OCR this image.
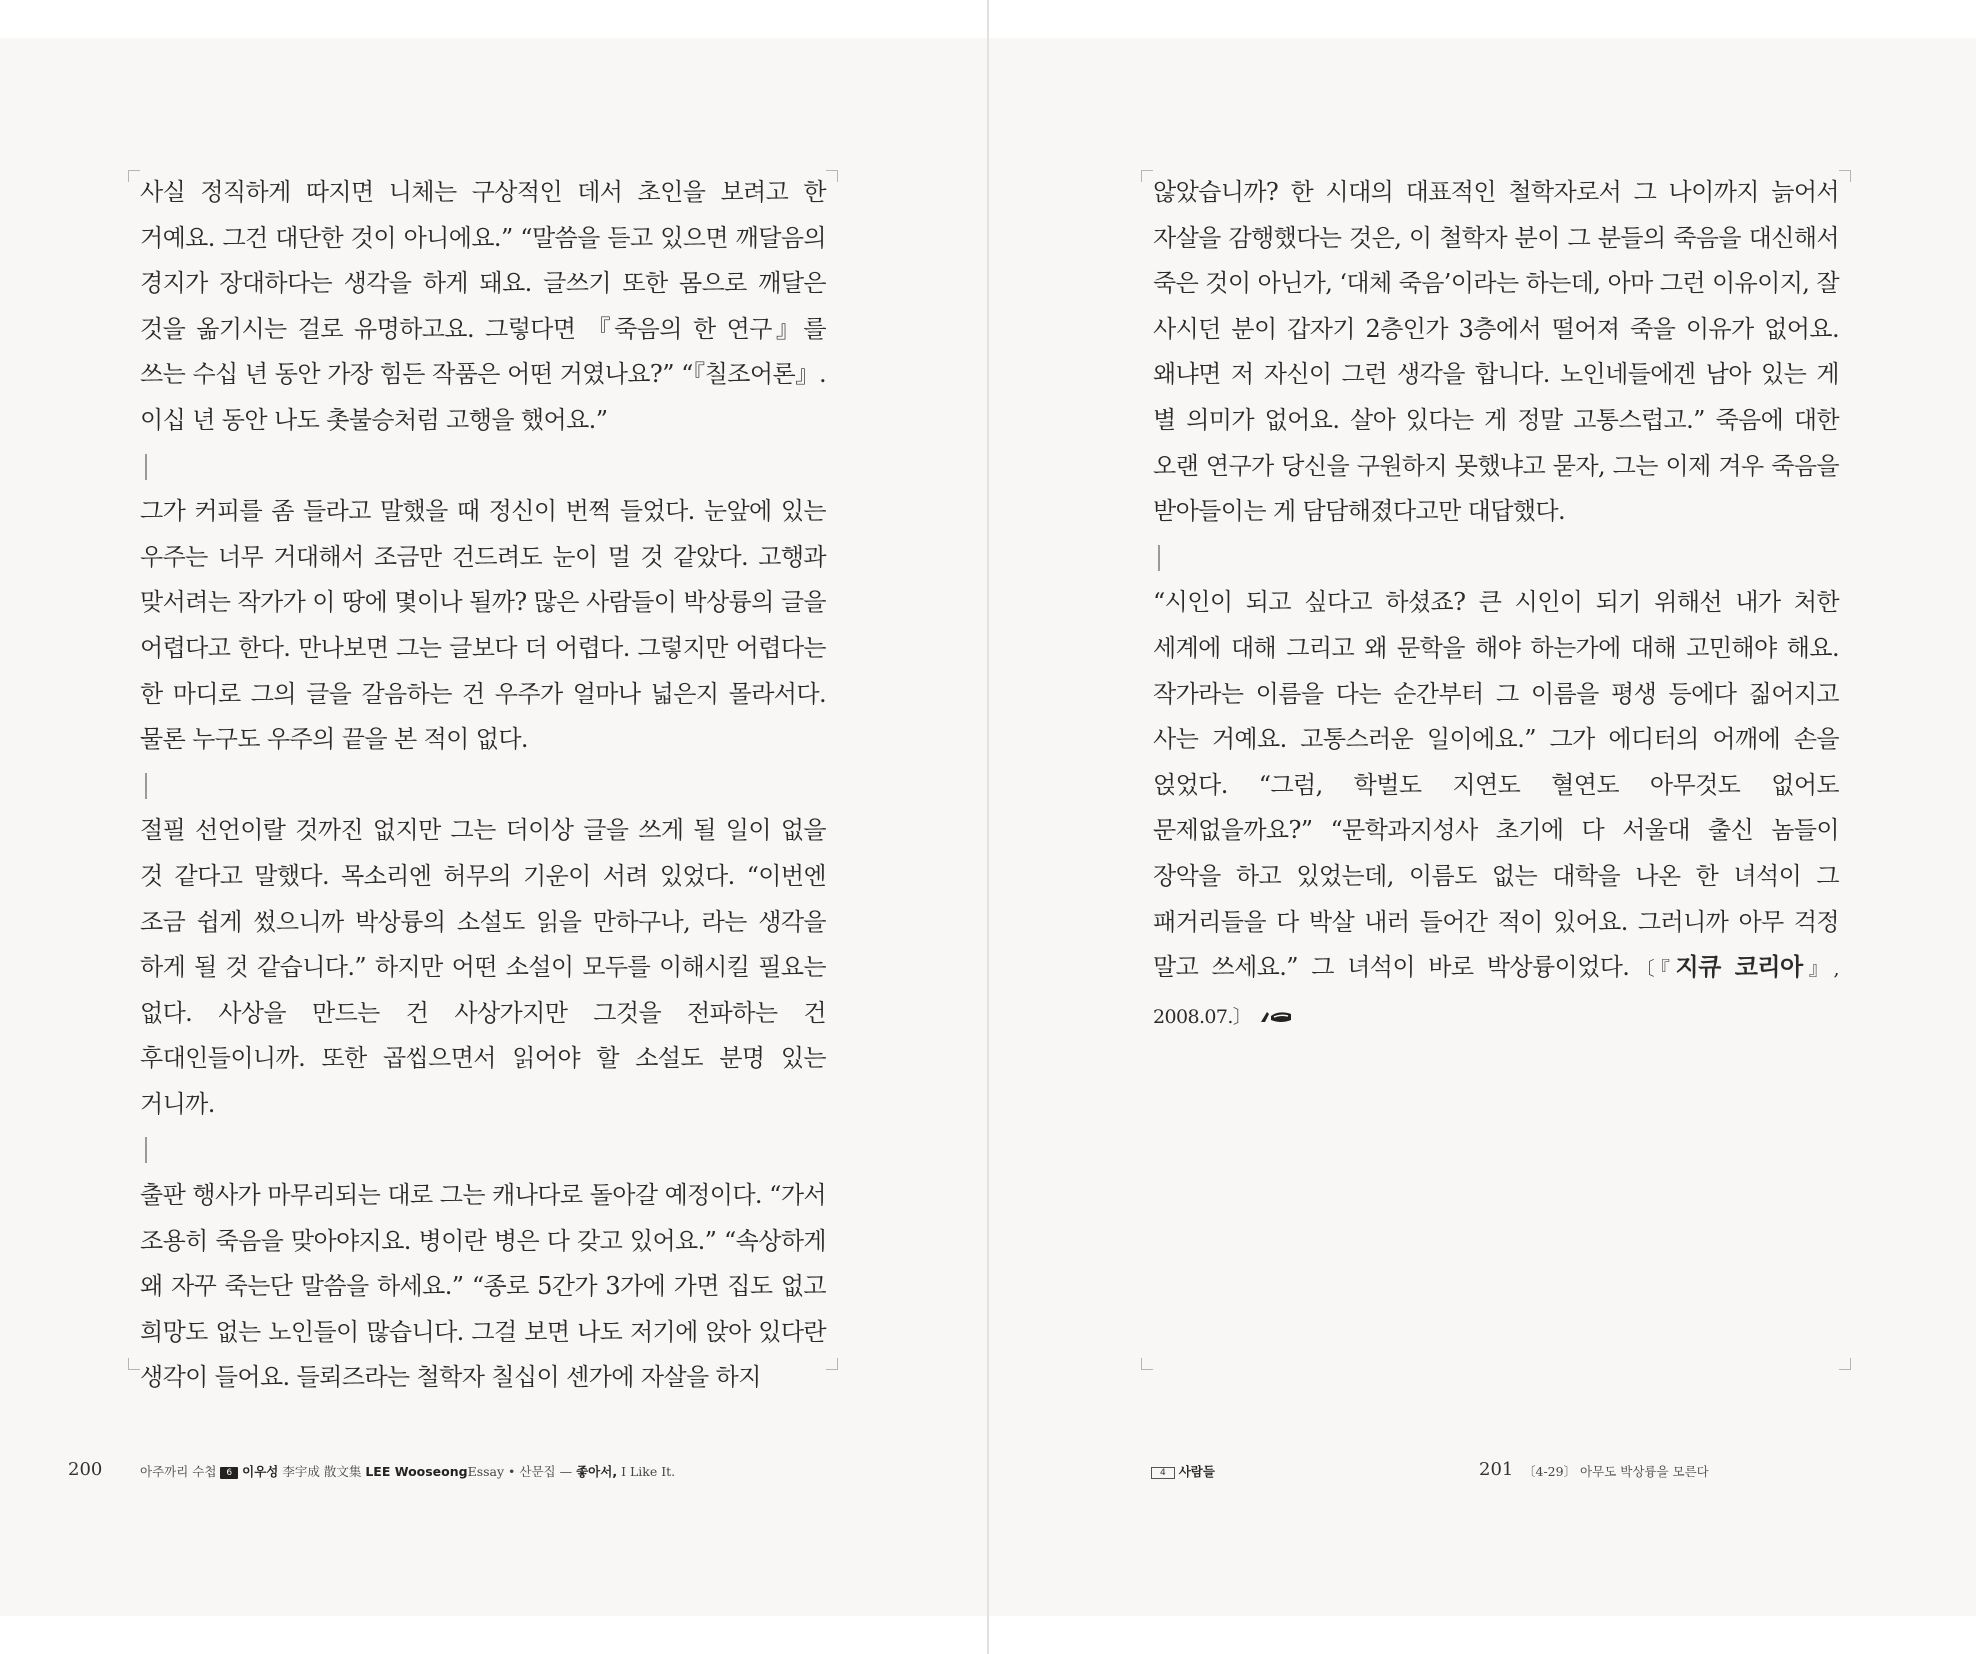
사실 정직하게 따지면 니체는 구상적인 데서 초인을 보려고 한 거예요. 그건 대단한 것이 아니에요.” “말씀을 듣고 있으면 깨달음의 경지가 장대하다는 생각을 하게 돼요. 글쓰기 또한 몸으로 깨달은 것을 옮기시는 걸로 유명하고요. 그렇다면 『죽음의 한 연구』를 쓰는 수십 년 동안 가장 힘든 작품은 어떤 거였나요?” “『칠조어론』. 이십 년 동안 나도 촛불승처럼 고행을 했어요.”

그가 커피를 좀 들라고 말했을 때 정신이 번쩍 들었다. 눈앞에 있는 우주는 너무 거대해서 조금만 건드려도 눈이 멀 것 같았다. 고행과 맞서려는 작가가 이 땅에 몇이나 될까? 많은 사람들이 박상륭의 글을 어렵다고 한다. 만나보면 그는 글보다 더 어렵다. 그렇지만 어렵다는 한 마디로 그의 글을 갈음하는 건 우주가 얼마나 넓은지 몰라서다. 물론 누구도 우주의 끝을 본 적이 없다.

절필 선언이랄 것까진 없지만 그는 더이상 글을 쓰게 될 일이 없을 것 같다고 말했다. 목소리엔 허무의 기운이 서려 있었다. “이번엔 조금 쉽게 썼으니까 박상륭의 소설도 읽을 만하구나, 라는 생각을 하게 될 것 같습니다.” 하지만 어떤 소설이 모두를 이해시킬 필요는 없다. 사상을 만드는 건 사상가지만 그것을 전파하는 건 후대인들이니까. 또한 곱씹으면서 읽어야 할 소설도 분명 있는 거니까.

출판 행사가 마무리되는 대로 그는 캐나다로 돌아갈 예정이다. “가서 조용히 죽음을 맞아야지요. 병이란 병은 다 갖고 있어요.” “속상하게 왜 자꾸 죽는단 말씀을 하세요.” “종로 5간가 3가에 가면 집도 없고 희망도 없는 노인들이 많습니다. 그걸 보면 나도 저기에 앉아 있다란 생각이 들어요. 들뢰즈라는 철학자 칠십이 센가에 자살을 하지

200	아주까리 수첩 6 이우성 李宇成 散文集 LEE WooseongEssay • 산문집 — 좋아서, I Like It.

않았습니까? 한 시대의 대표적인 철학자로서 그 나이까지 늙어서 자살을 감행했다는 것은, 이 철학자 분이 그 분들의 죽음을 대신해서 죽은 것이 아닌가, ‘대체 죽음’이라는 하는데, 아마 그런 이유이지, 잘 사시던 분이 갑자기 2층인가 3층에서 떨어져 죽을 이유가 없어요. 왜냐면 저 자신이 그런 생각을 합니다. 노인네들에겐 남아 있는 게 별 의미가 없어요. 살아 있다는 게 정말 고통스럽고.” 죽음에 대한 오랜 연구가 당신을 구원하지 못했냐고 묻자, 그는 이제 겨우 죽음을 받아들이는 게 담담해졌다고만 대답했다.

“시인이 되고 싶다고 하셨죠? 큰 시인이 되기 위해선 내가 처한 세계에 대해 그리고 왜 문학을 해야 하는가에 대해 고민해야 해요. 작가라는 이름을 다는 순간부터 그 이름을 평생 등에다 짊어지고 사는 거예요. 고통스러운 일이에요.” 그가 에디터의 어깨에 손을 얹었다. “그럼, 학벌도 지연도 혈연도 아무것도 없어도 문제없을까요?” “문학과지성사 초기에 다 서울대 출신 놈들이 장악을 하고 있었는데, 이름도 없는 대학을 나온 한 녀석이 그 패거리들을 다 박살 내러 들어간 적이 있어요. 그러니까 아무 걱정 말고 쓰세요.” 그 녀석이 바로 박상륭이었다.〔『지큐 코리아』, 2008.07.〕

4 사람들	201 〔4-29〕 아무도 박상륭을 모른다
